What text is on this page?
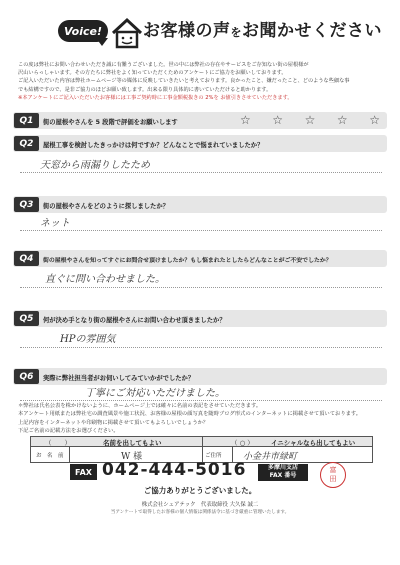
Voice!	お客様の声をお聞かせください
この度は弊社にお問い合わせいただき誠に有難うございました。世の中には弊社の存在やサービスをご存知ない街の屋根様が
沢山いらっしゃいます。その方たちに弊社をよく知っていただくためのアンケートにご協力をお願いしております。
ご記入いただいた内容は弊社ホームページ等の媒体に反映していきたいと考えております。良かったこと、嫌だったこと、どのような些細な事
でも結構ですので、是非ご協力のほどお願い致します。出来る限り具体的に書いていただけると助かります。
※本アンケートにご記入いただいたお客様には工事ご契約時に工事金額税抜きの 2%を お値引きさせていただきます。
Q1	街の屋根やさんを 5 段階で評価をお願いします	☆ ☆ ☆ ☆ ☆
Q2	屋根工事を検討したきっかけは何ですか？どんなことで悩まれていましたか？
天窓から雨漏りしたため
Q3	街の屋根やさんをどのように探しましたか？
ネット
Q4	街の屋根やさんを知ってすぐにお問合せ頂けましたか？もし悩まれたとしたらどんなことがご不安でしたか？
直ぐに問い合わせました。
Q5	何が決め手となり街の屋根やさんにお問い合わせ頂きましたか？
HPの雰囲気
Q6	実際に弊社担当者がお伺いしてみていかがでしたか？
丁寧にご対応いただけました。
＊弊社は氏名公表を株かけないように、ホームページ上では確々に名前の表記をさせていただきます。
本アンケート用紙または弊社宅の調査風景や施工状況、お客様の屋根の顔写真を随時ブログ形式のインターネットに掲載させて頂いております。
上記内容をインターネットや印刷物に掲載させて頂いてもよろしいでしょうか？
下記ご名前の記載方法をお選びください。
（　　）	名前を出してもよい	（ ○ ）	イニシャルなら出してもよい
お　名　前	W 様	ご住所 小金井市緑町
FAX 042-444-5016	多摩川支店
FAX 番号
富
田
ご協力ありがとうございました。
株式会社シェアテック　代表取締役 大久保 誠二
当アンケートで取得したお客様の個人情報は関係法令に基づき厳重に管理いたします。
